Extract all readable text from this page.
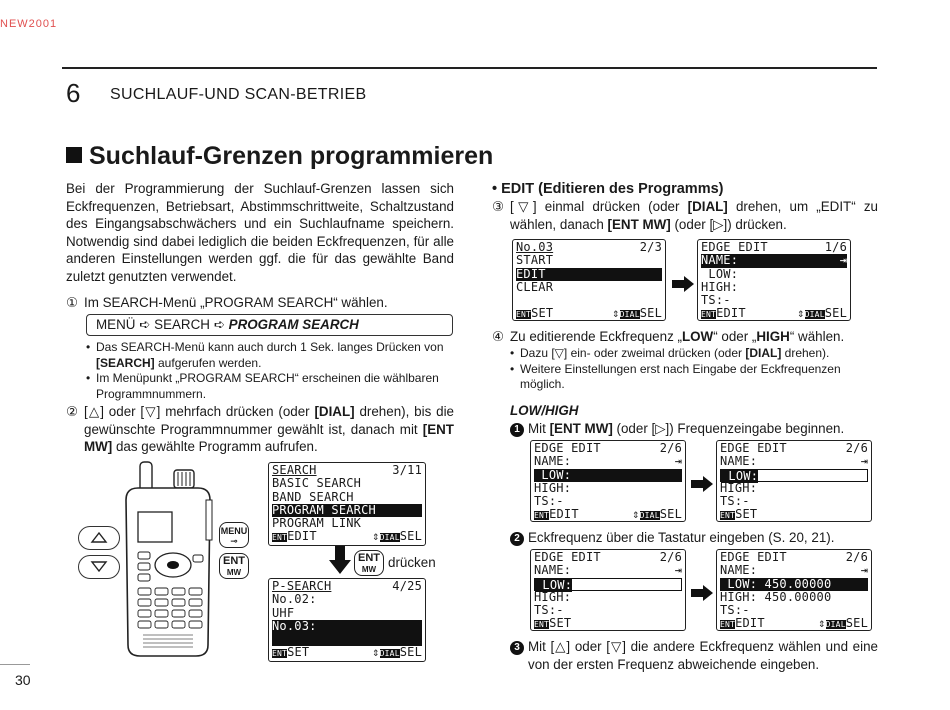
NEW2001
6 SUCHLAUF-UND SCAN-BETRIEB
Suchlauf-Grenzen programmieren
Bei der Programmierung der Suchlauf-Grenzen lassen sich Eckfrequenzen, Betriebsart, Abstimmschrittweite, Schaltzustand des Eingangsabschwächers und ein Suchlaufname speichern. Notwendig sind dabei lediglich die beiden Eckfrequenzen, für alle anderen Einstellungen werden ggf. die für das gewählte Band zuletzt genutzten verwendet.
① Im SEARCH-Menü „PROGRAM SEARCH“ wählen.
MENÜ ➪ SEARCH ➪ PROGRAM SEARCH
• Das SEARCH-Menü kann auch durch 1 Sek. langes Drücken von [SEARCH] aufgerufen werden.
• Im Menüpunkt „PROGRAM SEARCH“ erscheinen die wählbaren Programmnummern.
② [△] oder [▽] mehrfach drücken (oder [DIAL] drehen), bis die gewünschte Programmnummer gewählt ist, danach mit [ENT MW] das gewählte Programm aufrufen.
MENU
⊸
ENT
MW
SEARCH	3/11
BASIC SEARCH
BAND SEARCH
PROGRAM SEARCH
PROGRAM LINK
ENTEDIT	⇕DIALSEL
ENT
MW drücken
P-SEARCH	4/25
No.02:
UHF
No.03:
ENTSET	⇕DIALSEL
• EDIT (Editieren des Programms)
③ [▽] einmal drücken (oder [DIAL] drehen, um „EDIT“ zu wählen, danach [ENT MW] (oder [▷]) drücken.
No.03	2/3
START
EDIT
CLEAR
ENTSET	⇕DIALSEL
EDGE EDIT	1/6
NAME:	⇥
LOW:
HIGH:
TS:-
ENTEDIT	⇕DIALSEL
④ Zu editierende Eckfrequenz „LOW“ oder „HIGH“ wählen.
• Dazu [▽] ein- oder zweimal drücken (oder [DIAL] drehen).
• Weitere Einstellungen erst nach Eingabe der Eckfrequenzen möglich.
LOW/HIGH
1 Mit [ENT MW] (oder [▷]) Frequenzeingabe beginnen.
EDGE EDIT	2/6
NAME:	⇥
LOW:
HIGH:
TS:-
ENTEDIT	⇕DIALSEL
EDGE EDIT	2/6
NAME:	⇥
LOW:
HIGH:
TS:-
ENTSET
2 Eckfrequenz über die Tastatur eingeben (S. 20, 21).
EDGE EDIT	2/6
NAME:	⇥
LOW:
HIGH:
TS:-
ENTSET
EDGE EDIT	2/6
NAME:	⇥
LOW: 450.00000
HIGH: 450.00000
TS:-
ENTEDIT	⇕DIALSEL
3 Mit [△] oder [▽] die andere Eckfrequenz wählen und eine von der ersten Frequenz abweichende eingeben.
30
